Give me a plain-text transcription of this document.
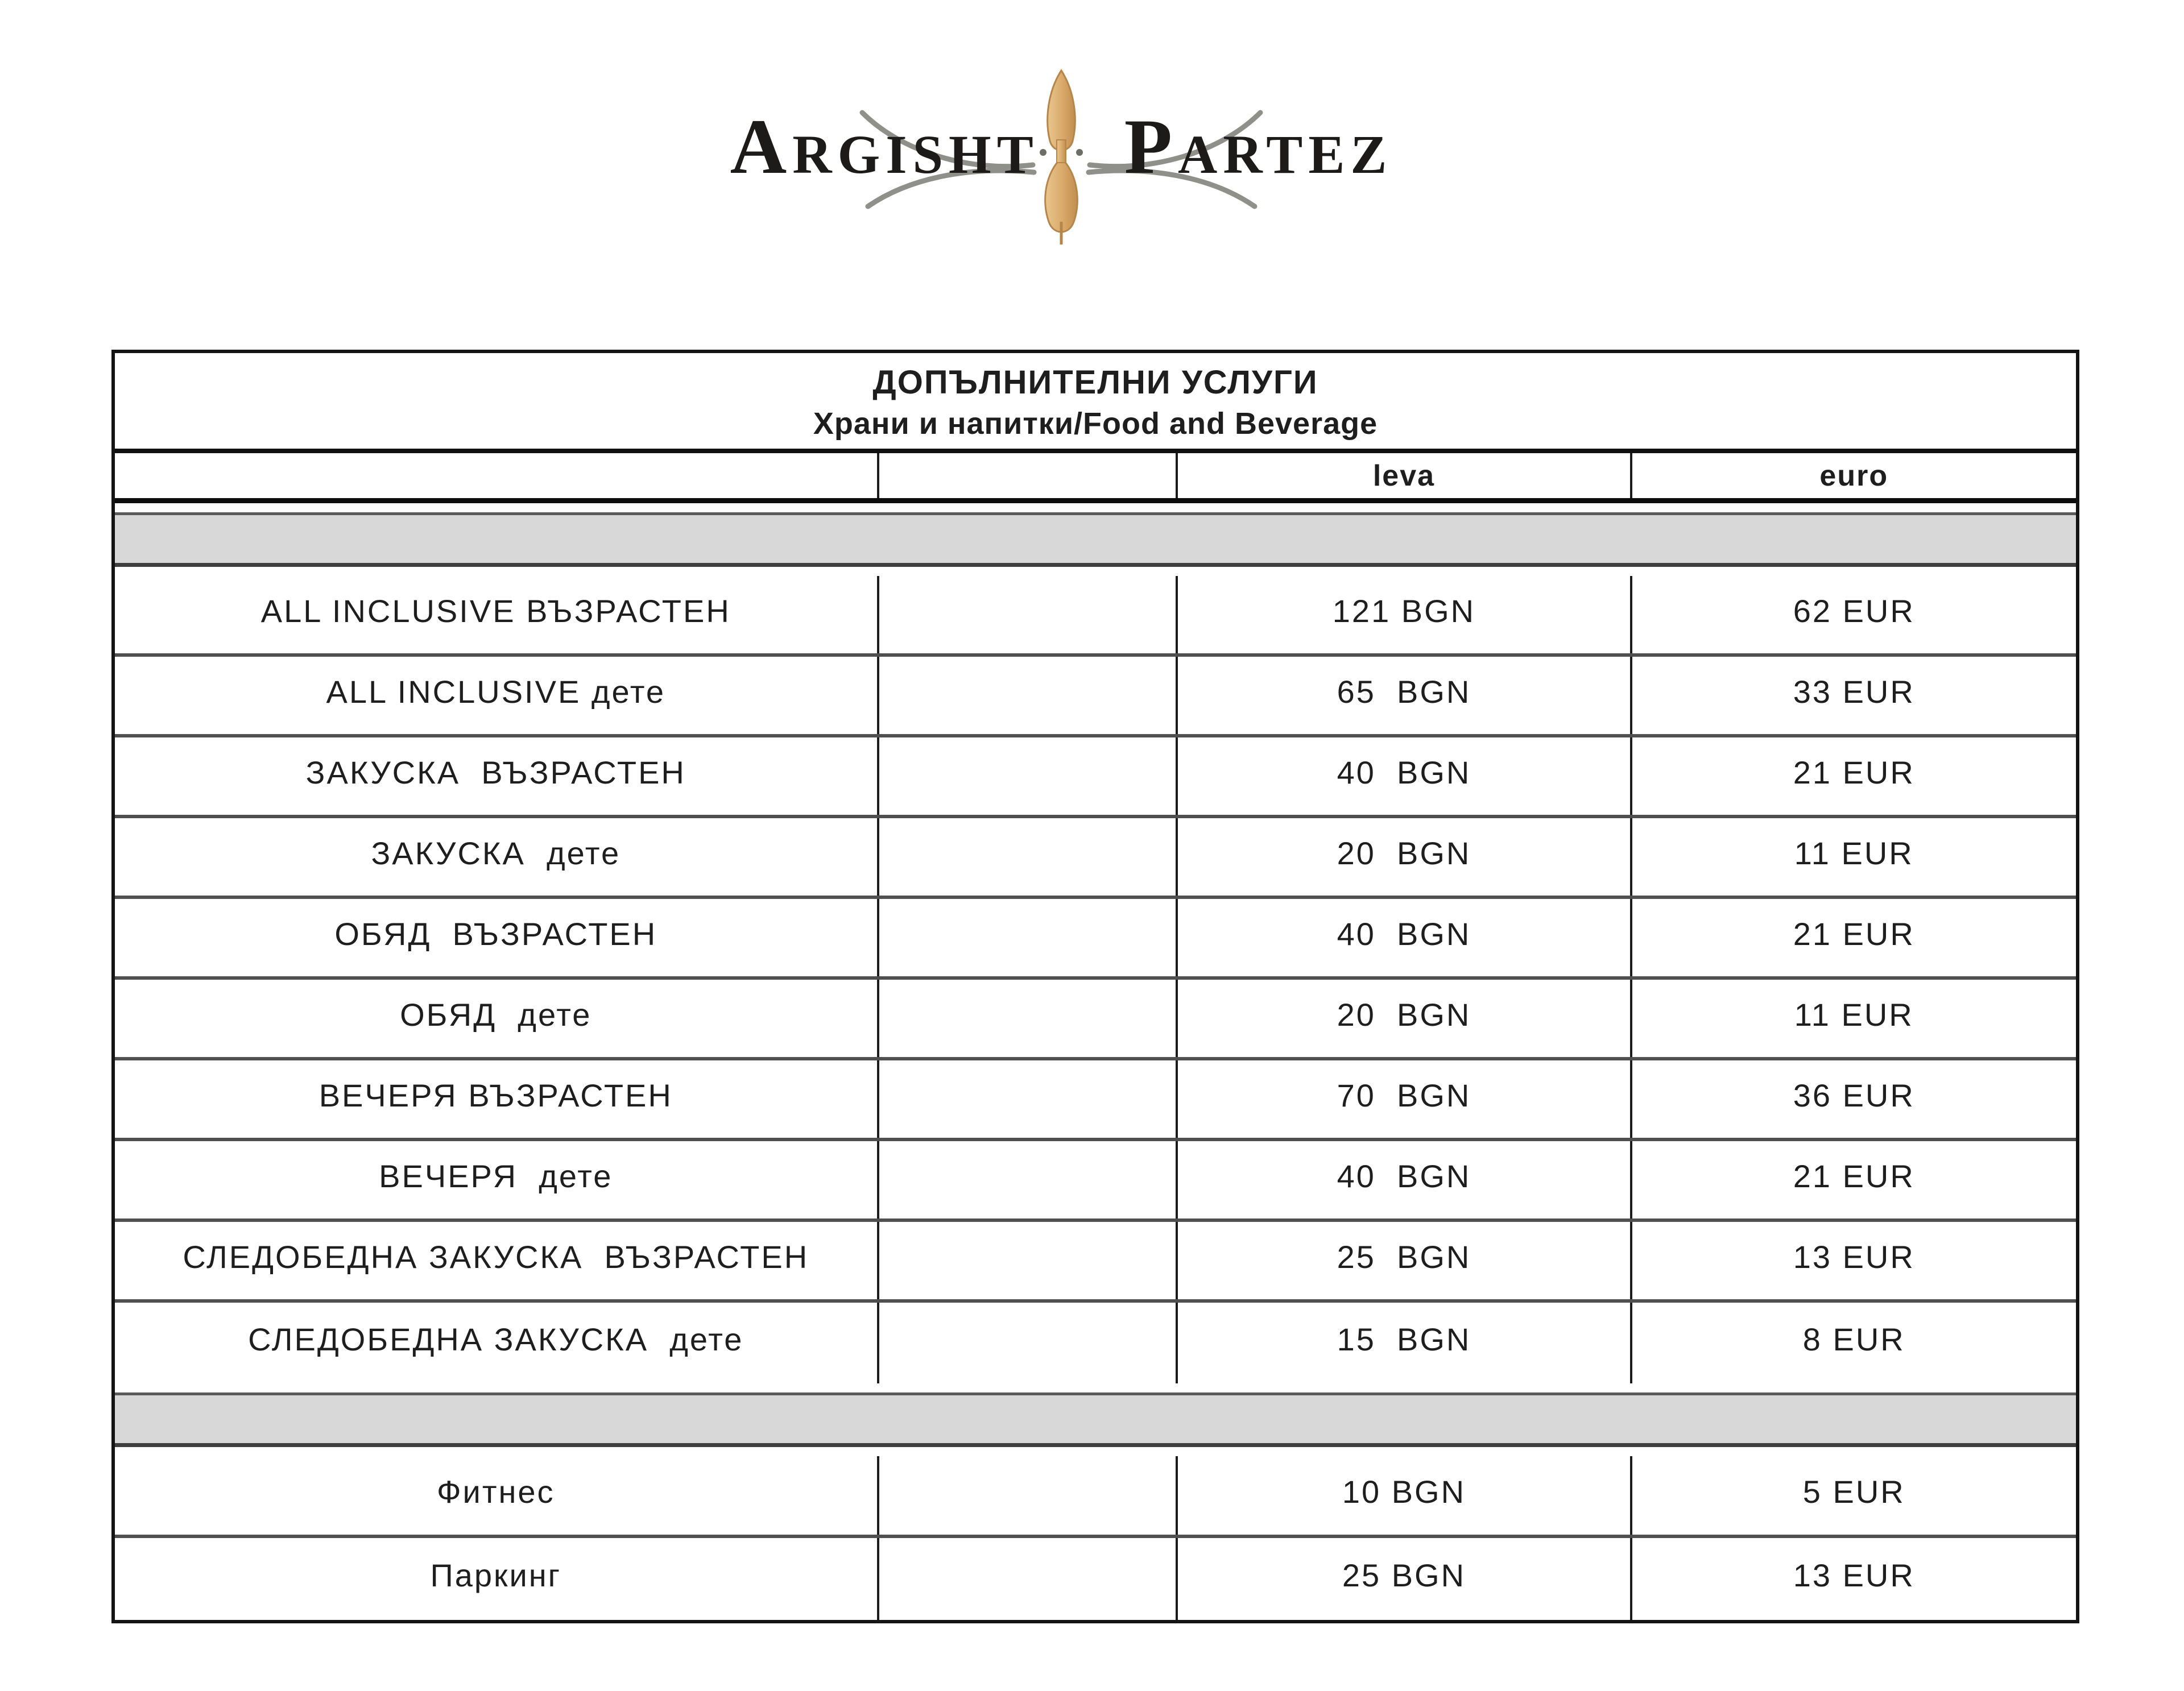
ARGISHT PARTEZ
ДОПЪЛНИТЕЛНИ УСЛУГИ
Храни и напитки/Food and Beverage
leva	euro
ALL INCLUSIVE ВЪЗРАСТЕН	121 BGN	62 EUR
ALL INCLUSIVE дете	65  BGN	33 EUR
ЗАКУСКА  ВЪЗРАСТЕН	40  BGN	21 EUR
ЗАКУСКА  дете	20  BGN	11 EUR
ОБЯД  ВЪЗРАСТЕН	40  BGN	21 EUR
ОБЯД  дете	20  BGN	11 EUR
ВЕЧЕРЯ ВЪЗРАСТЕН	70  BGN	36 EUR
ВЕЧЕРЯ  дете	40  BGN	21 EUR
СЛЕДОБЕДНА ЗАКУСКА  ВЪЗРАСТЕН	25  BGN	13 EUR
СЛЕДОБЕДНА ЗАКУСКА  дете	15  BGN	8 EUR
Фитнес	10 BGN	5 EUR
Паркинг	25 BGN	13 EUR
